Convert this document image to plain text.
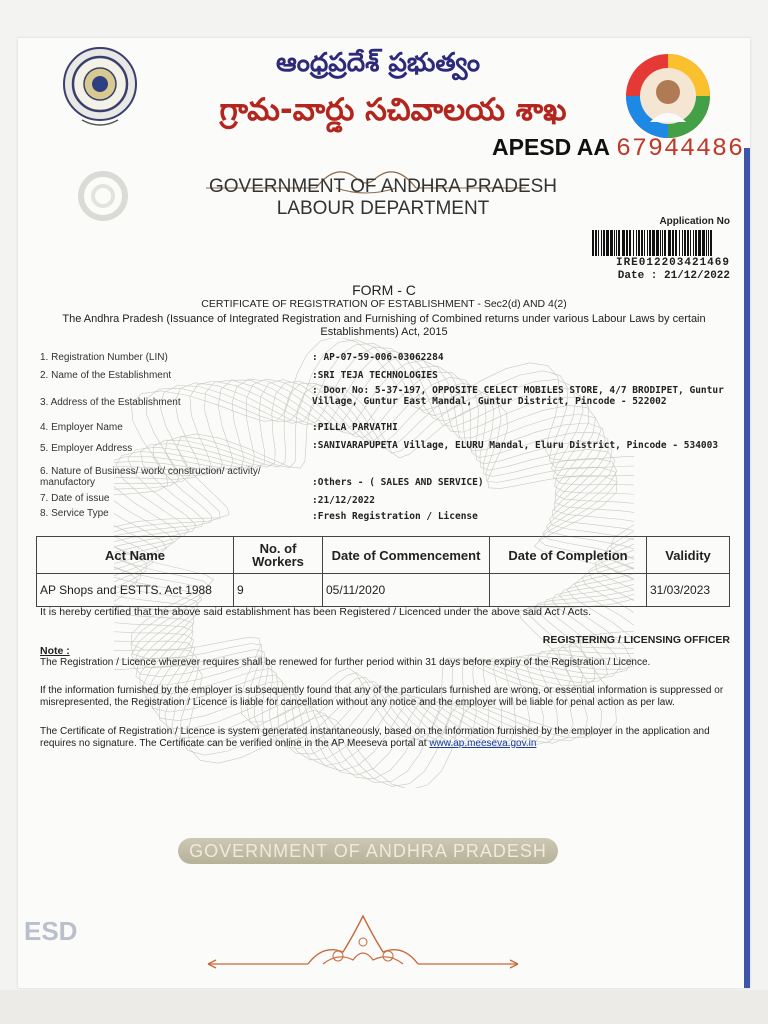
ఆంధ్రప్రదేశ్ ప్రభుత్వం
గ్రామ-వార్డు సచివాలయ శాఖ
APESD AA 67944486
GOVERNMENT OF ANDHRA PRADESH
LABOUR DEPARTMENT
Application No
IRE012203421469
Date : 21/12/2022
FORM - C
CERTIFICATE OF REGISTRATION OF ESTABLISHMENT - Sec2(d) AND 4(2)
The Andhra Pradesh (Issuance of Integrated Registration and Furnishing of Combined returns under various Labour Laws by certain Establishments) Act, 2015
1. Registration Number (LIN)	: AP-07-59-006-03062284
2. Name of the Establishment	:SRI TEJA TECHNOLOGIES
3. Address of the Establishment
: Door No: 5-37-197, OPPOSITE CELECT MOBILES STORE, 4/7 BRODIPET, Guntur Village, Guntur East Mandal, Guntur District, Pincode - 522002
4. Employer Name	:PILLA PARVATHI
5. Employer Address	:SANIVARAPUPETA Village, ELURU Mandal, Eluru District, Pincode - 534003
6. Nature of Business/ work/ construction/ activity/ manufactory	:Others - ( SALES AND SERVICE)
7. Date of issue	:21/12/2022
8. Service Type	:Fresh Registration / License
Act Name	No. of Workers	Date of Commencement	Date of Completion	Validity
AP Shops and ESTTS. Act 1988	9	05/11/2020		31/03/2023
It is hereby certified that the above said establishment has been Registered / Licenced under the above said Act / Acts.
REGISTERING / LICENSING OFFICER
Note :
The Registration / Licence wherever requires shall be renewed for further period within 31 days before expiry of the Registration / Licence.
If the information furnished by the employer is subsequently found that any of the particulars furnished are wrong, or essential information is suppressed or misrepresented, the Registration / Licence is liable for cancellation without any notice and the employer will be liable for penal action as per law.
The Certificate of Registration / Licence is system generated instantaneously, based on the information furnished by the employer in the application and requires no signature. The Certificate can be verified online in the AP Meeseva portal at www.ap.meeseva.gov.in
GOVERNMENT OF ANDHRA PRADESH
ESD
